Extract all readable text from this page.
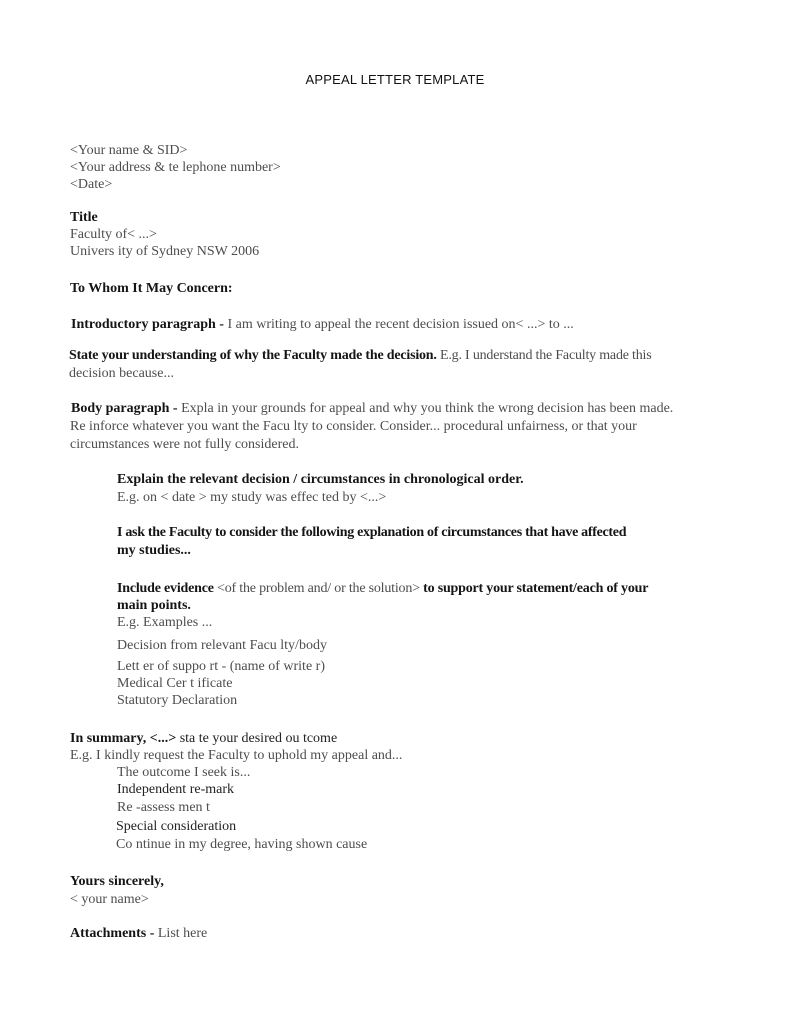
APPEAL LETTER TEMPLATE
<Your name & SID>
<Your address & te lephone number>
<Date>
Title
Faculty of< ...>
Univers ity of Sydney NSW 2006
To Whom It May Concern:
Introductory paragraph - I am writing to appeal the recent decision issued on< ...> to ...
State your understanding of why the Faculty made the decision. E.g. I understand the Faculty made this
decision because...
Body paragraph - Expla in your grounds for appeal and why you think the wrong decision has been made.
Re inforce whatever you want the Facu lty to consider. Consider... procedural unfairness, or that your
circumstances were not fully considered.
Explain the relevant decision / circumstances in chronological order.
E.g. on < date > my study was effec ted by <...>
I ask the Faculty to consider the following explanation of circumstances that have affected
my studies...
Include evidence <of the problem and/ or the solution> to support your statement/each of your
main points.
E.g. Examples ...
Decision from relevant Facu lty/body
Lett er of suppo rt - (name of write r)
Medical Cer t ificate
Statutory Declaration
In summary, <...> sta te your desired ou tcome
E.g. I kindly request the Faculty to uphold my appeal and...
The outcome I seek is...
Independent re-mark
Re -assess men t
Special consideration
Co ntinue in my degree, having shown cause
Yours sincerely,
< your name>
Attachments - List here
